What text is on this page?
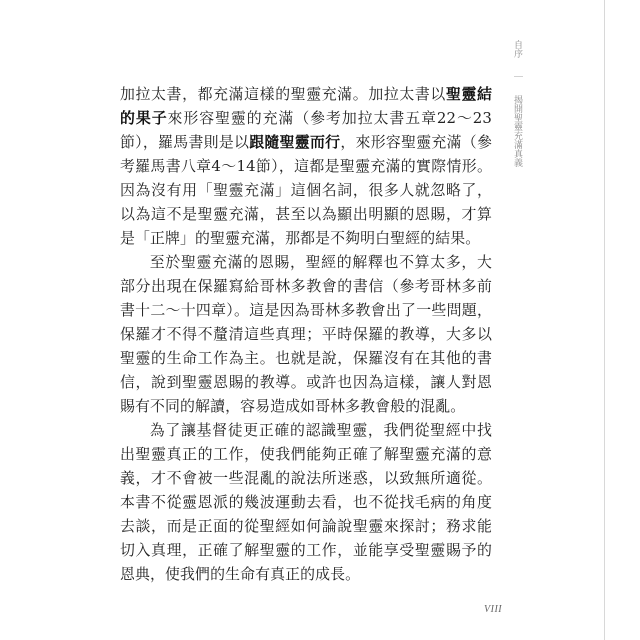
自序 ｜ 揭開聖靈充滿真義

加拉太書，都充滿這樣的聖靈充滿。加拉太書以聖靈結的果子來形容聖靈的充滿（參考加拉太書五章22～23節），羅馬書則是以跟隨聖靈而行，來形容聖靈充滿（參考羅馬書八章4～14節），這都是聖靈充滿的實際情形。因為沒有用「聖靈充滿」這個名詞，很多人就忽略了，以為這不是聖靈充滿，甚至以為顯出明顯的恩賜，才算是「正牌」的聖靈充滿，那都是不夠明白聖經的結果。

至於聖靈充滿的恩賜，聖經的解釋也不算太多，大部分出現在保羅寫給哥林多教會的書信（參考哥林多前書十二～十四章）。這是因為哥林多教會出了一些問題，保羅才不得不釐清這些真理；平時保羅的教導，大多以聖靈的生命工作為主。也就是說，保羅沒有在其他的書信，說到聖靈恩賜的教導。或許也因為這樣，讓人對恩賜有不同的解讀，容易造成如哥林多教會般的混亂。

為了讓基督徒更正確的認識聖靈，我們從聖經中找出聖靈真正的工作，使我們能夠正確了解聖靈充滿的意義，才不會被一些混亂的說法所迷惑，以致無所適從。本書不從靈恩派的幾波運動去看，也不從找毛病的角度去談，而是正面的從聖經如何論說聖靈來探討；務求能切入真理，正確了解聖靈的工作，並能享受聖靈賜予的恩典，使我們的生命有真正的成長。

VIII
